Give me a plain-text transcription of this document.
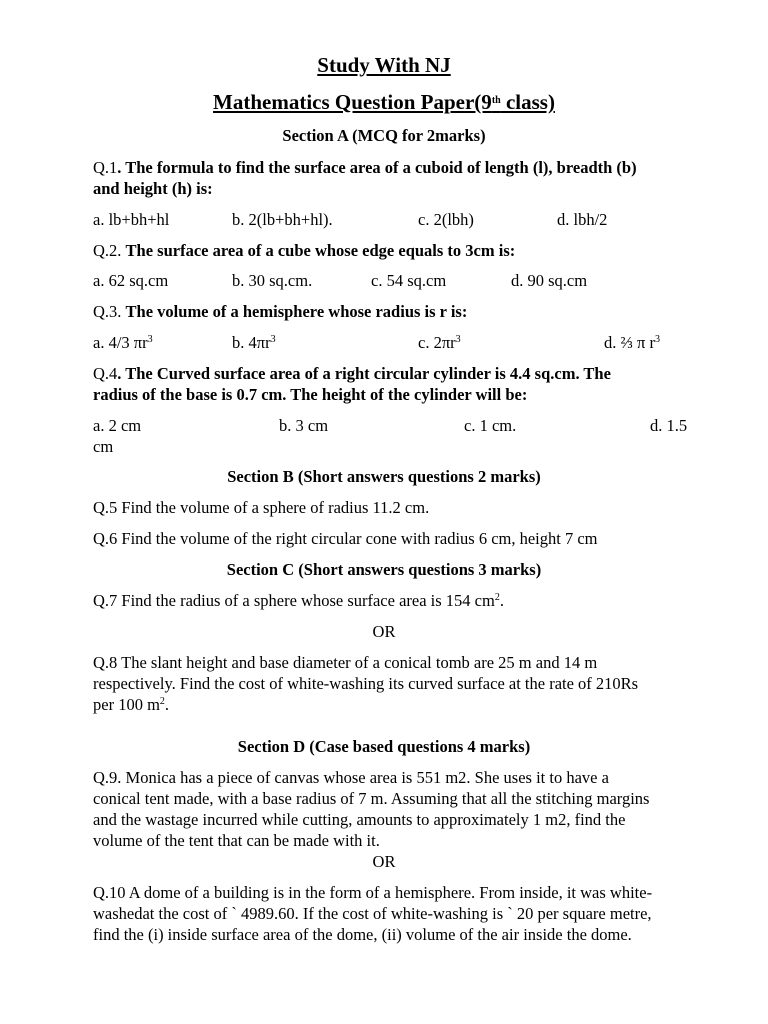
Study With NJ
Mathematics Question Paper(9th class)
Section A (MCQ for 2marks)
Q.1. The formula to find the surface area of a cuboid of length (l), breadth (b)
and height (h) is:
a. lb+bh+hl	b. 2(lb+bh+hl).	c. 2(lbh)	d. lbh/2
Q.2. The surface area of a cube whose edge equals to 3cm is:
a. 62 sq.cm	b. 30 sq.cm.	c. 54 sq.cm	d. 90 sq.cm
Q.3. The volume of a hemisphere whose radius is r is:
a. 4/3 $\pi r^3$	b. $4\pi r^3$	c. $2\pi r^3$	d. ⅔ π $r^3$
Q.4. The Curved surface area of a right circular cylinder is 4.4 sq.cm. The
radius of the base is 0.7 cm. The height of the cylinder will be:
a. 2 cm	b. 3 cm	c. 1 cm.	d. 1.5
cm
Section B (Short answers questions 2 marks)
Q.5 Find the volume of a sphere of radius 11.2 cm.
Q.6 Find the volume of the right circular cone with radius 6 cm, height 7 cm
Section C (Short answers questions 3 marks)
Q.7 Find the radius of a sphere whose surface area is 154 $cm^2$.
OR
Q.8 The slant height and base diameter of a conical tomb are 25 m and 14 m
respectively. Find the cost of white-washing its curved surface at the rate of 210Rs
per 100 $m^2$.
Section D (Case based questions 4 marks)
Q.9. Monica has a piece of canvas whose area is 551 m2. She uses it to have a
conical tent made, with a base radius of 7 m. Assuming that all the stitching margins
and the wastage incurred while cutting, amounts to approximately 1 m2, find the
volume of the tent that can be made with it.
OR
Q.10 A dome of a building is in the form of a hemisphere. From inside, it was white-
washedat the cost of ` 4989.60. If the cost of white-washing is ` 20 per square metre,
find the (i) inside surface area of the dome, (ii) volume of the air inside the dome.
